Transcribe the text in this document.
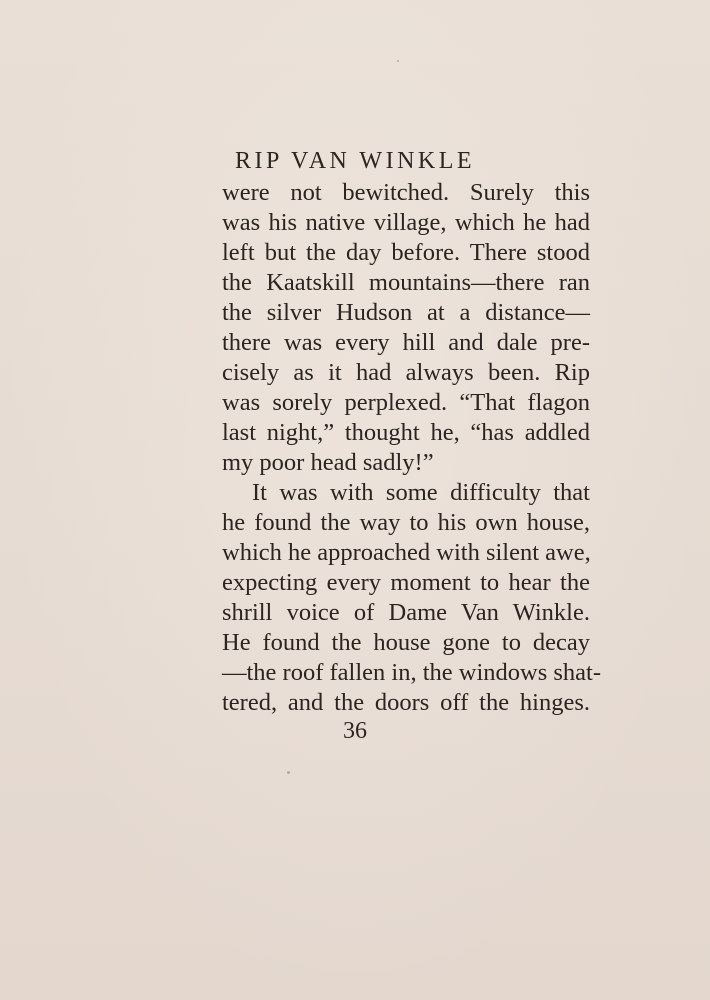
RIP VAN WINKLE
were not bewitched. Surely this
was his native village, which he had
left but the day before. There stood
the Kaatskill mountains—there ran
the silver Hudson at a distance—
there was every hill and dale pre-
cisely as it had always been. Rip
was sorely perplexed. “That flagon
last night,” thought he, “has addled
my poor head sadly!”
It was with some difficulty that
he found the way to his own house,
which he approached with silent awe,
expecting every moment to hear the
shrill voice of Dame Van Winkle.
He found the house gone to decay
—the roof fallen in, the windows shat-
tered, and the doors off the hinges.
36
